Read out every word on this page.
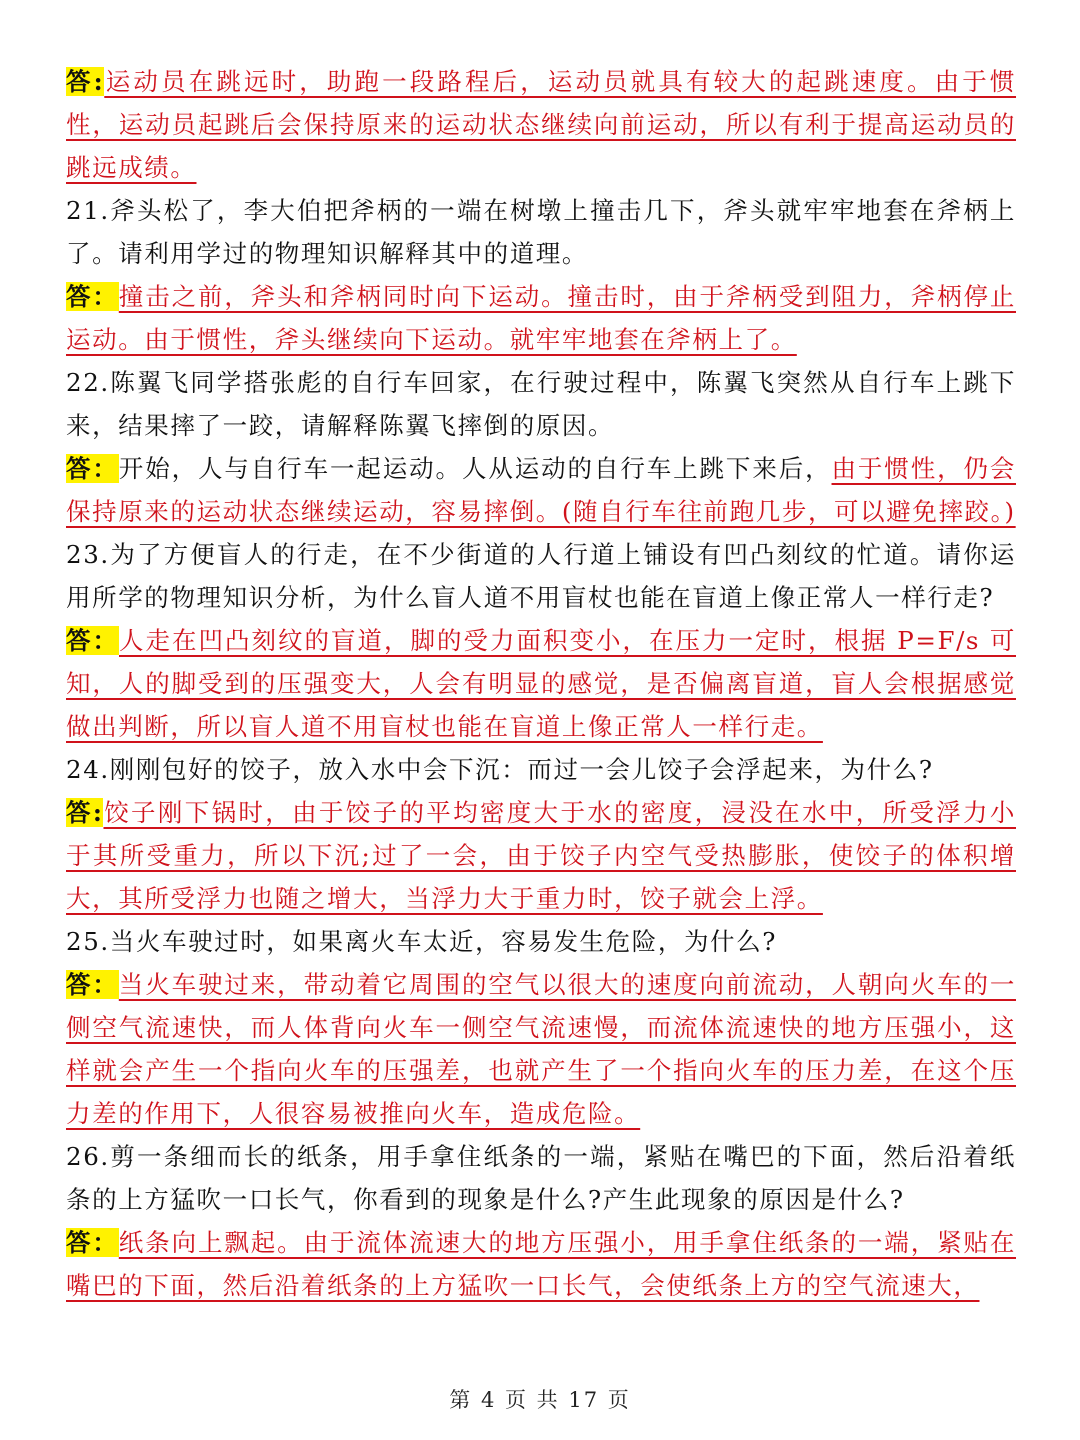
答:运动员在跳远时，助跑一段路程后，运动员就具有较大的起跳速度。由于惯性，运动员起跳后会保持原来的运动状态继续向前运动，所以有利于提高运动员的跳远成绩。
21.斧头松了，李大伯把斧柄的一端在树墩上撞击几下，斧头就牢牢地套在斧柄上了。请利用学过的物理知识解释其中的道理。
答：撞击之前，斧头和斧柄同时向下运动。撞击时，由于斧柄受到阻力，斧柄停止运动。由于惯性，斧头继续向下运动。就牢牢地套在斧柄上了。
22.陈翼飞同学搭张彪的自行车回家，在行驶过程中，陈翼飞突然从自行车上跳下来，结果摔了一跤，请解释陈翼飞摔倒的原因。
答：开始，人与自行车一起运动。人从运动的自行车上跳下来后，由于惯性，仍会保持原来的运动状态继续运动，容易摔倒。(随自行车往前跑几步，可以避免摔跤。)
23.为了方便盲人的行走，在不少街道的人行道上铺设有凹凸刻纹的忙道。请你运用所学的物理知识分析，为什么盲人道不用盲杖也能在盲道上像正常人一样行走?
答：人走在凹凸刻纹的盲道，脚的受力面积变小，在压力一定时，根据 P=F/s 可知，人的脚受到的压强变大，人会有明显的感觉，是否偏离盲道，盲人会根据感觉做出判断，所以盲人道不用盲杖也能在盲道上像正常人一样行走。
24.刚刚包好的饺子，放入水中会下沉：而过一会儿饺子会浮起来，为什么?
答:饺子刚下锅时，由于饺子的平均密度大于水的密度，浸没在水中，所受浮力小于其所受重力，所以下沉;过了一会，由于饺子内空气受热膨胀，使饺子的体积增大，其所受浮力也随之增大，当浮力大于重力时，饺子就会上浮。
25.当火车驶过时，如果离火车太近，容易发生危险，为什么?
答：当火车驶过来，带动着它周围的空气以很大的速度向前流动，人朝向火车的一侧空气流速快，而人体背向火车一侧空气流速慢，而流体流速快的地方压强小，这样就会产生一个指向火车的压强差，也就产生了一个指向火车的压力差，在这个压力差的作用下，人很容易被推向火车，造成危险。
26.剪一条细而长的纸条，用手拿住纸条的一端，紧贴在嘴巴的下面，然后沿着纸条的上方猛吹一口长气，你看到的现象是什么?产生此现象的原因是什么?
答：纸条向上飘起。由于流体流速大的地方压强小，用手拿住纸条的一端，紧贴在嘴巴的下面，然后沿着纸条的上方猛吹一口长气，会使纸条上方的空气流速大，
第 4 页 共 17 页
